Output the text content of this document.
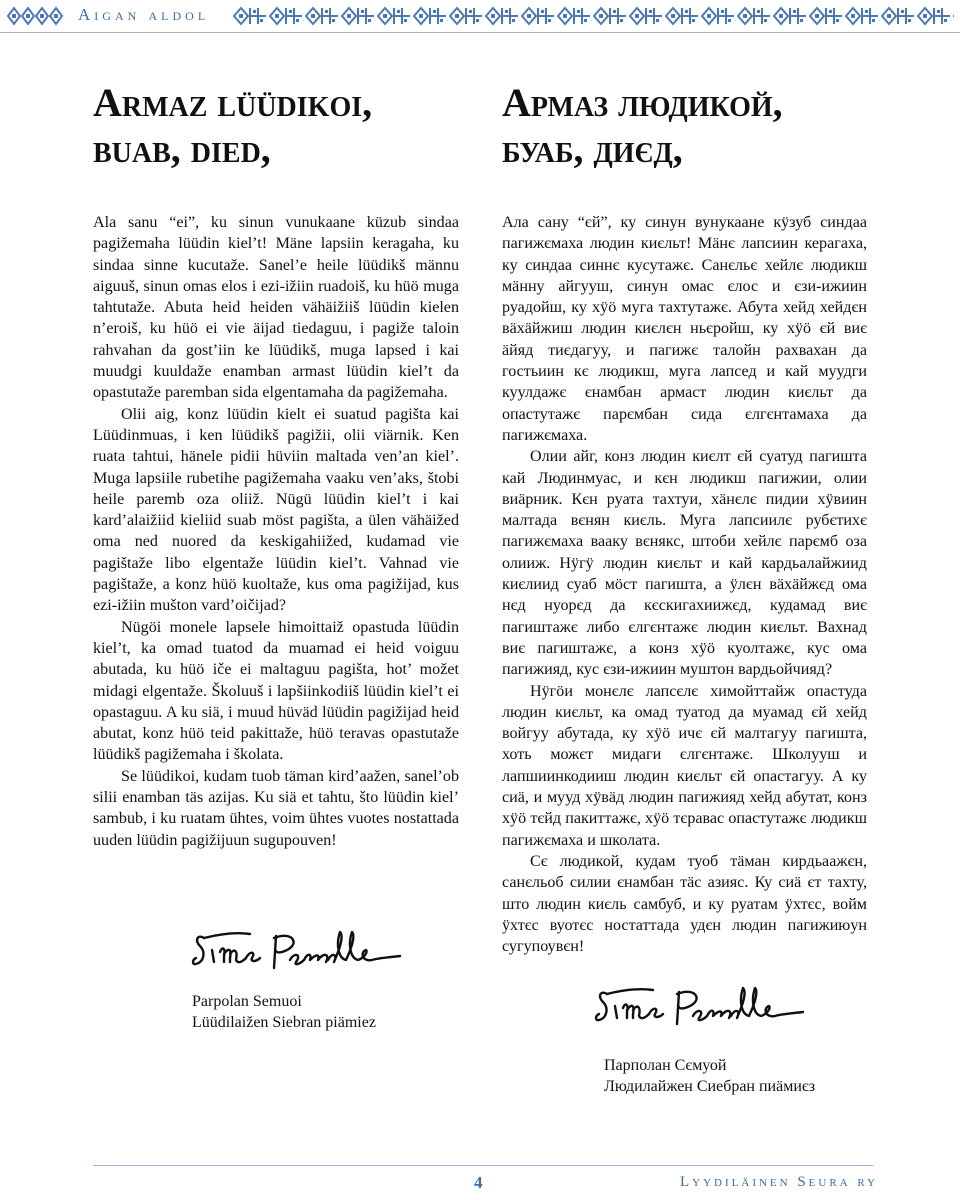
Aigan aldol
Armaz lüüdikoi,
buab, died,
Армаз людикой,
буаб, диєд,

Ala sanu “ei”, ku sinun vunukaane küzub sindaa pagižemaha lüüdin kiel’t! Mäne lapsiin keragaha, ku sindaa sinne kucutaže. Sanel’e heile lüüdikš männu aiguuš, sinun omas elos i ezi-ižiin ruadoiš, ku hüö muga tahtutaže. Abuta heid heiden vähäižiiš lüüdin kielen n’eroiš, ku hüö ei vie äijad tiedaguu, i pagiže taloin rahvahan da gost’iin ke lüüdikš, muga lapsed i kai muudgi kuuldaže enamban armast lüüdin kiel’t da opastutaže paremban sida elgentamaha da pagižemaha.

Olii aig, konz lüüdin kielt ei suatud pagišta kai Lüüdinmuas, i ken lüüdikš pagižii, olii viärnik. Ken ruata tahtui, hänele pidii hüviin maltada ven’an kiel’. Muga lapsiile rubetihe pagižemaha vaaku ven’aks, štobi heile paremb oza oliiž. Nügü lüüdin kiel’t i kai kard’alaižiid kieliid suab möst pagišta, a ülen vähäižed oma ned nuored da keskigahiižed, kudamad vie pagištaže libo elgentaže lüüdin kiel’t. Vahnad vie pagištaže, a konz hüö kuoltaže, kus oma pagižijad, kus ezi-ižiin mušton vard’oičijad?

Nügöi monele lapsele himoittaiž opastuda lüüdin kiel’t, ka omad tuatod da muamad ei heid voiguu abutada, ku hüö iče ei maltaguu pagišta, hot’ možet midagi elgentaže. Školuuš i lapšiinkodiiš lüüdin kiel’t ei opastaguu. A ku siä, i muud hüväd lüüdin pagižijad heid abutat, konz hüö teid pakittaže, hüö teravas opastutaže lüüdikš pagižemaha i školata.

Se lüüdikoi, kudam tuob täman kird’aažen, sanel’ob silii enamban täs azijas. Ku siä et tahtu, što lüüdin kiel’ sambub, i ku ruatam ühtes, voim ühtes vuotes nostattada uuden lüüdin pagižijuun sugupouven!

Ала сану “єй”, ку синун вунукаане кӱзуб синдаа пагижємаха людин києльт! Мӓнє лапсиин керагаха, ку синдаа синнє кусутажє. Санєльє хейлє людикш мӓнну айгууш, синун омас єлос и єзи-ижиин руадойш, ку хӱӧ муга тахтутажє. Абута хейд хейдєн вӓхӓйжиш людин києлєн ньєройш, ку хӱӧ єй виє ӓйяд тиєдагуу, и пагижє талойн рахвахан да гостьиин кє людикш, муга лапсед и кай муудги куулдажє єнамбан армаст людин києльт да опастутажє парємбан сида єлгєнтамаха да пагижємаха.

Олии айг, конз людин києлт єй суатуд пагишта кай Людинмуас, и кєн людикш пагижии, олии виӓрник. Кєн руата тахтуи, хӓнєлє пидии хӱвиин малтада вєнян києль. Муга лапсиилє рубєтихє пагижємаха вааку вєнякс, штоби хейлє парємб оза олииж. Нӱгӱ людин києльт и кай кардьалайжиид києлиид суаб мӧст пагишта, а ӱлєн вӓхӓйжєд ома нєд нуорєд да кєскигахиижєд, кудамад виє пагиштажє либо єлгєнтажє людин києльт. Вахнад виє пагиштажє, а конз хӱӧ куолтажє, кус ома пагижияд, кус єзи-ижиин муштон вардьойчияд?

Нӱгӧи монєлє лапсєлє химойттайж опастуда людин києльт, ка омад туатод да муамад єй хейд войгуу абутада, ку хӱӧ ичє єй малтагуу пагишта, хоть можєт мидаги єлгєнтажє. Школууш и лапшиинкодииш людин києльт єй опастагуу. А ку сиӓ, и мууд хӱвӓд людин пагижияд хейд абутат, конз хӱӧ тєйд пакиттажє, хӱӧ тєравас опастутажє людикш пагижємаха и школата.

Сє людикой, кудам туоб тӓман кирдьаажєн, санєльоб силии єнамбан тӓс азияс. Ку сиӓ єт тахту, што людин києль самбуб, и ку руатам ӱхтєс, войм ӱхтєс вуотєс ностаттада удєн людин пагижиюун сугупоувєн!

Parpolan Semuoi
Lüüdilaižen Siebran piämiez
Парполан Сємуой
Людилайжен Сиебран пиӓмиєз
4	Lyydiläinen Seura ry
